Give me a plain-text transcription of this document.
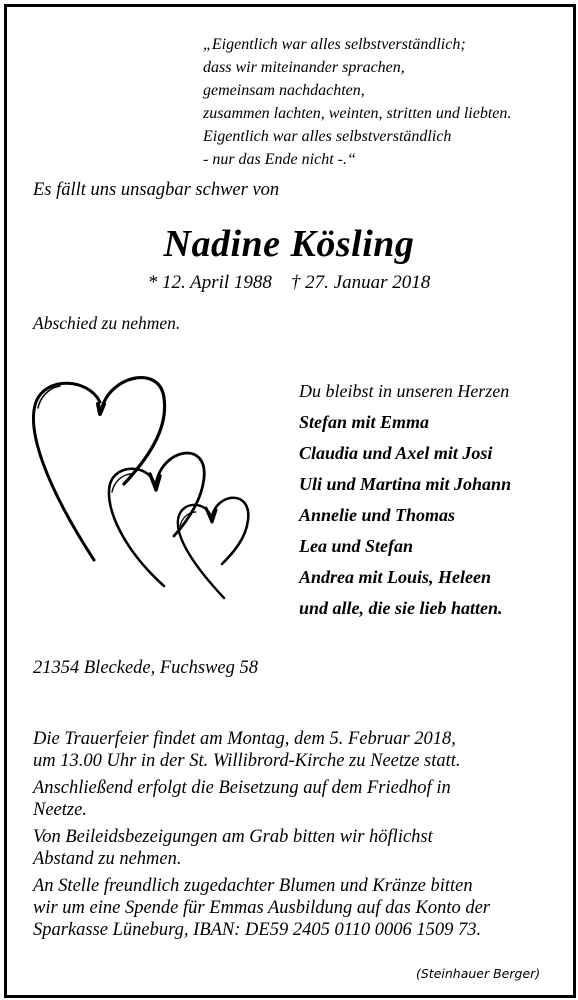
„Eigentlich war alles selbstverständlich;
dass wir miteinander sprachen,
gemeinsam nachdachten,
zusammen lachten, weinten, stritten und liebten.
Eigentlich war alles selbstverständlich
- nur das Ende nicht -.“
Es fällt uns unsagbar schwer von
Nadine Kösling
* 12. April 1988    † 27. Januar 2018
Abschied zu nehmen.
Du bleibst in unseren Herzen
Stefan mit Emma
Claudia und Axel mit Josi
Uli und Martina mit Johann
Annelie und Thomas
Lea und Stefan
Andrea mit Louis, Heleen
und alle, die sie lieb hatten.
21354 Bleckede, Fuchsweg 58
Die Trauerfeier findet am Montag, dem 5. Februar 2018,
um 13.00 Uhr in der St. Willibrord-Kirche zu Neetze statt.
Anschließend erfolgt die Beisetzung auf dem Friedhof in
Neetze.
Von Beileidsbezeigungen am Grab bitten wir höflichst
Abstand zu nehmen.
An Stelle freundlich zugedachter Blumen und Kränze bitten
wir um eine Spende für Emmas Ausbildung auf das Konto der
Sparkasse Lüneburg, IBAN: DE59 2405 0110 0006 1509 73.
(Steinhauer Berger)
